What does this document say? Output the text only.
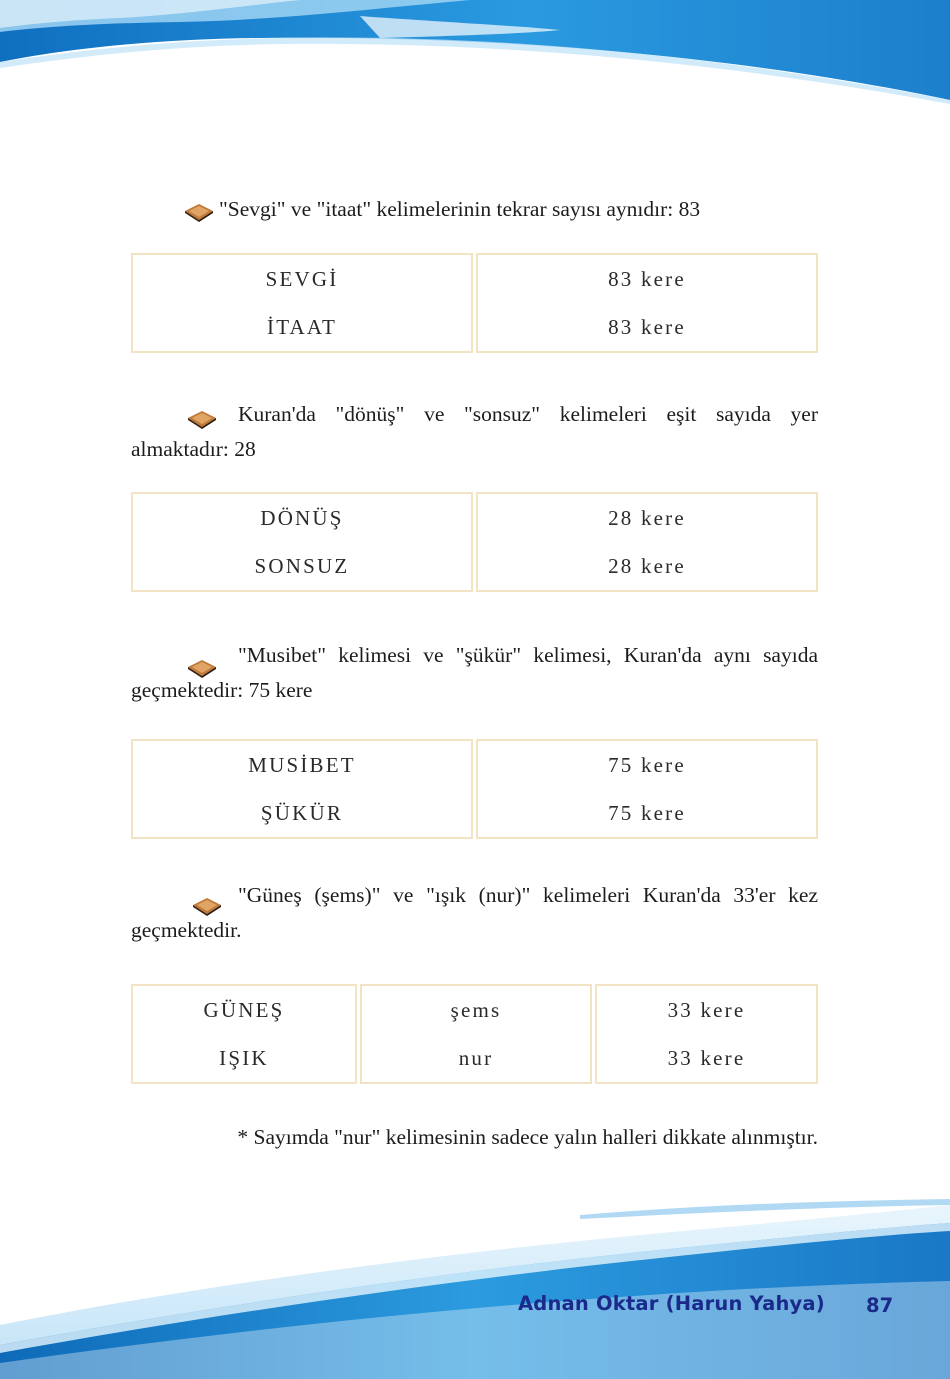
"Sevgi" ve "itaat" kelimelerinin tekrar sayısı aynıdır: 83
SEVGİ
İTAAT
83 kere
83 kere
Kuran'da "dönüş" ve "sonsuz" kelimeleri eşit sayıda yer almaktadır: 28
DÖNÜŞ
SONSUZ
28 kere
28 kere
"Musibet" kelimesi ve "şükür" kelimesi, Kuran'da aynı sayıda geçmektedir: 75 kere
MUSİBET
ŞÜKÜR
75 kere
75 kere
"Güneş (şems)" ve "ışık (nur)" kelimeleri Kuran'da 33'er kez geçmektedir.
GÜNEŞ
IŞIK
şems
nur
33 kere
33 kere
* Sayımda "nur" kelimesinin sadece yalın halleri dikkate alınmıştır.
Adnan Oktar (Harun Yahya) 87
